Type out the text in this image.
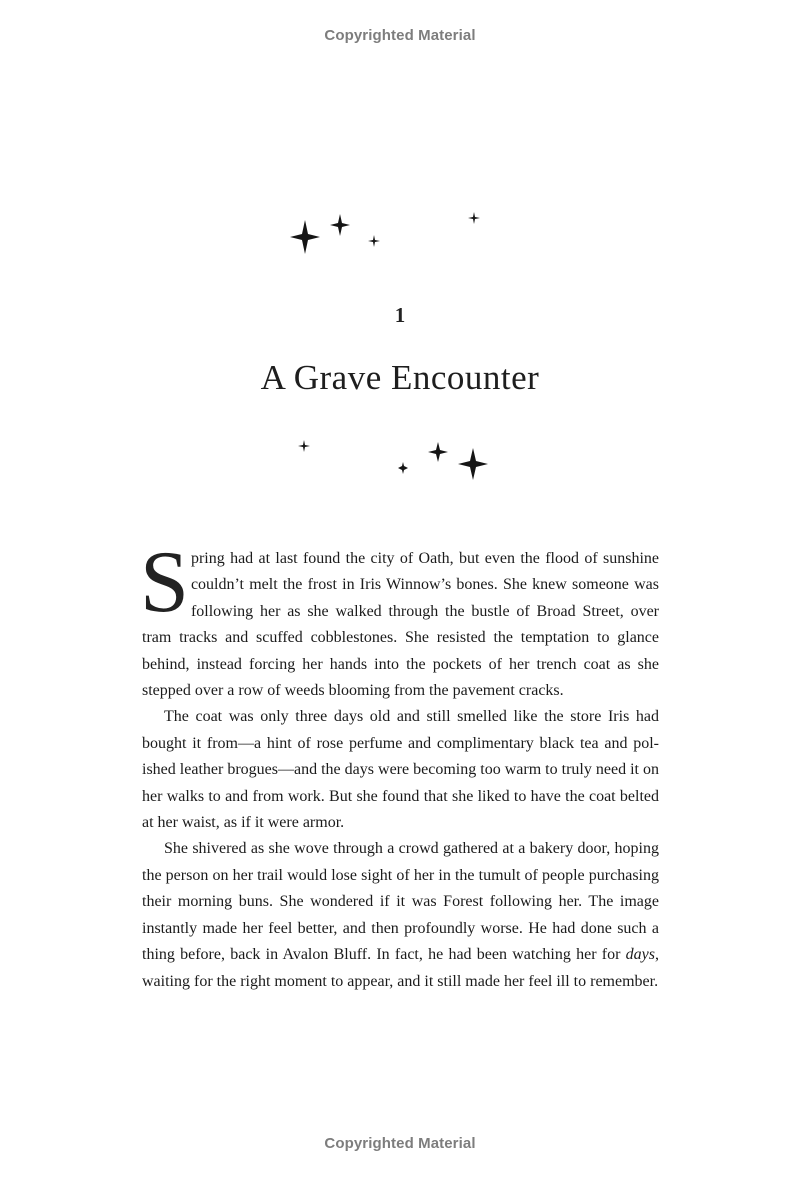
Copyrighted Material
1
A Grave Encounter

Spring had at last found the city of Oath, but even the flood of sunshine couldn’t melt the frost in Iris Winnow’s bones. She knew someone was following her as she walked through the bustle of Broad Street, over tram tracks and scuffed cobblestones. She resisted the temptation to glance behind, instead forcing her hands into the pockets of her trench coat as she stepped over a row of weeds blooming from the pavement cracks.

The coat was only three days old and still smelled like the store Iris had bought it from—a hint of rose perfume and complimentary black tea and polished leather brogues—and the days were becoming too warm to truly need it on her walks to and from work. But she found that she liked to have the coat belted at her waist, as if it were armor.

She shivered as she wove through a crowd gathered at a bakery door, hoping the person on her trail would lose sight of her in the tumult of people purchasing their morning buns. She wondered if it was Forest following her. The image instantly made her feel better, and then profoundly worse. He had done such a thing before, back in Avalon Bluff. In fact, he had been watching her for days, waiting for the right moment to appear, and it still made her feel ill to remember.

Copyrighted Material
